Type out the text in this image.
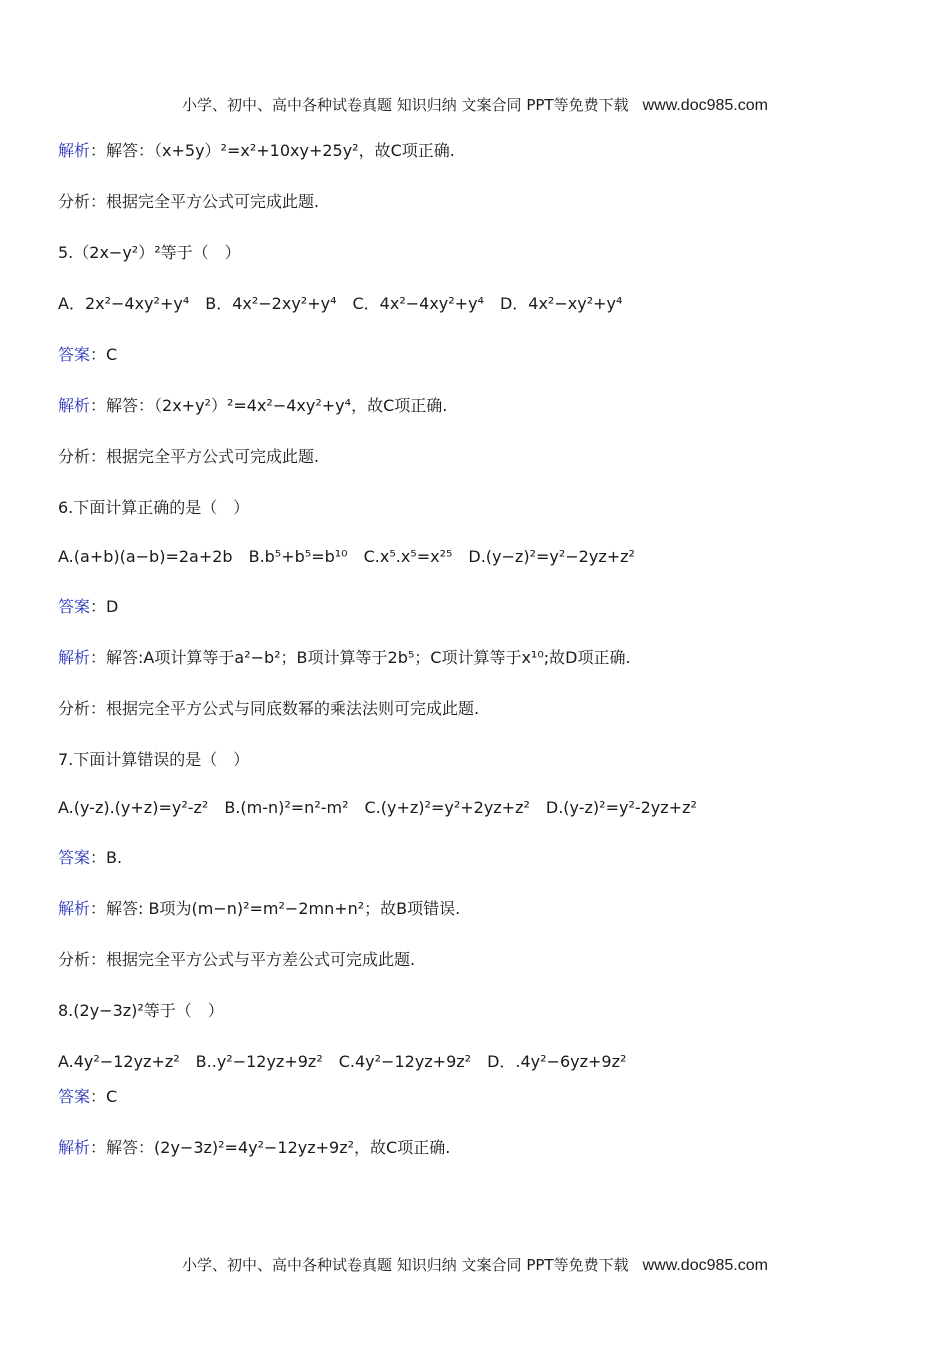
小学、初中、高中各种试卷真题 知识归纳 文案合同 PPT等免费下载 www.doc985.com
解析：解答：（x+5y）²=x²+10xy+25y²，故C项正确.
分析：根据完全平方公式可完成此题.
5.（2x−y²）²等于（　）
A．2x²−4xy²+y⁴　B．4x²−2xy²+y⁴　C．4x²−4xy²+y⁴　D．4x²−xy²+y⁴
答案：C
解析：解答：（2x+y²）²=4x²−4xy²+y⁴，故C项正确.
分析：根据完全平方公式可完成此题.
6.下面计算正确的是（　）
A.(a+b)(a−b)=2a+2b　B.b⁵+b⁵=b¹⁰　C.x⁵.x⁵=x²⁵　D.(y−z)²=y²−2yz+z²
答案：D
解析：解答:A项计算等于a²−b²；B项计算等于2b⁵；C项计算等于x¹⁰;故D项正确.
分析：根据完全平方公式与同底数幂的乘法法则可完成此题.
7.下面计算错误的是（　）
A.(y-z).(y+z)=y²-z²　B.(m-n)²=n²-m²　C.(y+z)²=y²+2yz+z²　D.(y-z)²=y²-2yz+z²
答案：B.
解析：解答: B项为(m−n)²=m²−2mn+n²；故B项错误.
分析：根据完全平方公式与平方差公式可完成此题.
8.(2y−3z)²等于（　）
A.4y²−12yz+z²　B..y²−12yz+9z²　C.4y²−12yz+9z²　D．.4y²−6yz+9z²
答案：C
解析：解答：(2y−3z)²=4y²−12yz+9z²，故C项正确.
小学、初中、高中各种试卷真题 知识归纳 文案合同 PPT等免费下载 www.doc985.com
